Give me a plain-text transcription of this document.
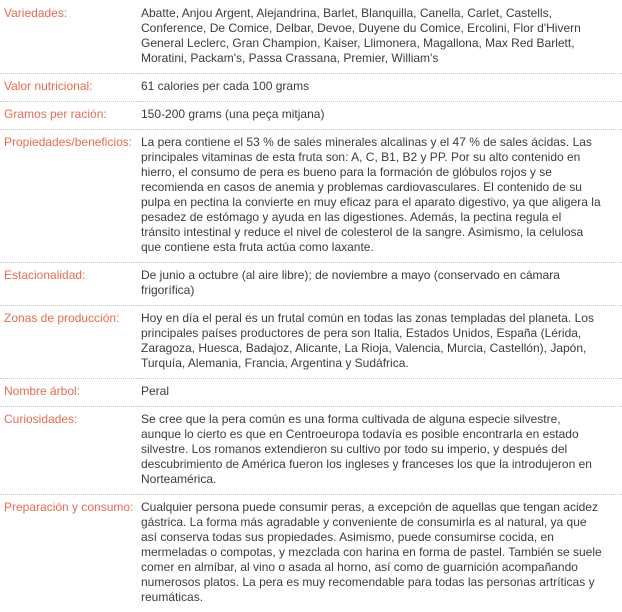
Variedades:	Abatte, Anjou Argent, Alejandrina, Barlet, Blanquilla, Canella, Carlet, Castells, Conference, De Comice, Delbar, Devoe, Duyene du Comice, Ercolini, Flor d'Hivern General Leclerc, Gran Champion, Kaiser, Llimonera, Magallona, Max Red Barlett, Moratini, Packam's, Passa Crassana, Premier, William's
Valor nutricional:	61 calories per cada 100 grams
Gramos per ración:	150-200 grams (una peça mitjana)
Propiedades/beneficios: La pera contiene el 53 % de sales minerales alcalinas y el 47 % de sales ácidas. Las principales vitaminas de esta fruta son: A, C, B1, B2 y PP. Por su alto contenido en hierro, el consumo de pera es bueno para la formación de glóbulos rojos y se recomienda en casos de anemia y problemas cardiovasculares. El contenido de su pulpa en pectina la convierte en muy eficaz para el aparato digestivo, ya que aligera la pesadez de estómago y ayuda en las digestiones. Además, la pectina regula el tránsito intestinal y reduce el nivel de colesterol de la sangre. Asimismo, la celulosa que contiene esta fruta actúa como laxante.
Estacionalidad:	De junio a octubre (al aire libre); de noviembre a mayo (conservado en cámara frigorífica)
Zonas de producción:	Hoy en día el peral es un frutal común en todas las zonas templadas del planeta. Los principales países productores de pera son Italia, Estados Unidos, España (Lérida, Zaragoza, Huesca, Badajoz, Alicante, La Rioja, Valencia, Murcia, Castellón), Japón, Turquía, Alemania, Francia, Argentina y Sudáfrica.
Nombre árbol:	Peral
Curiosidades:	Se cree que la pera común es una forma cultivada de alguna especie silvestre, aunque lo cierto es que en Centroeuropa todavía es posible encontrarla en estado silvestre. Los romanos extendieron su cultivo por todo su imperio, y después del descubrimiento de América fueron los ingleses y franceses los que la introdujeron en Norteamérica.
Preparación y consumo: Cualquier persona puede consumir peras, a excepción de aquellas que tengan acidez gástrica. La forma más agradable y conveniente de consumirla es al natural, ya que así conserva todas sus propiedades. Asimismo, puede consumirse cocida, en mermeladas o compotas, y mezclada con harina en forma de pastel. También se suele comer en almíbar, al vino o asada al horno, así como de guarnición acompañando numerosos platos. La pera es muy recomendable para todas las personas artríticas y reumáticas.
